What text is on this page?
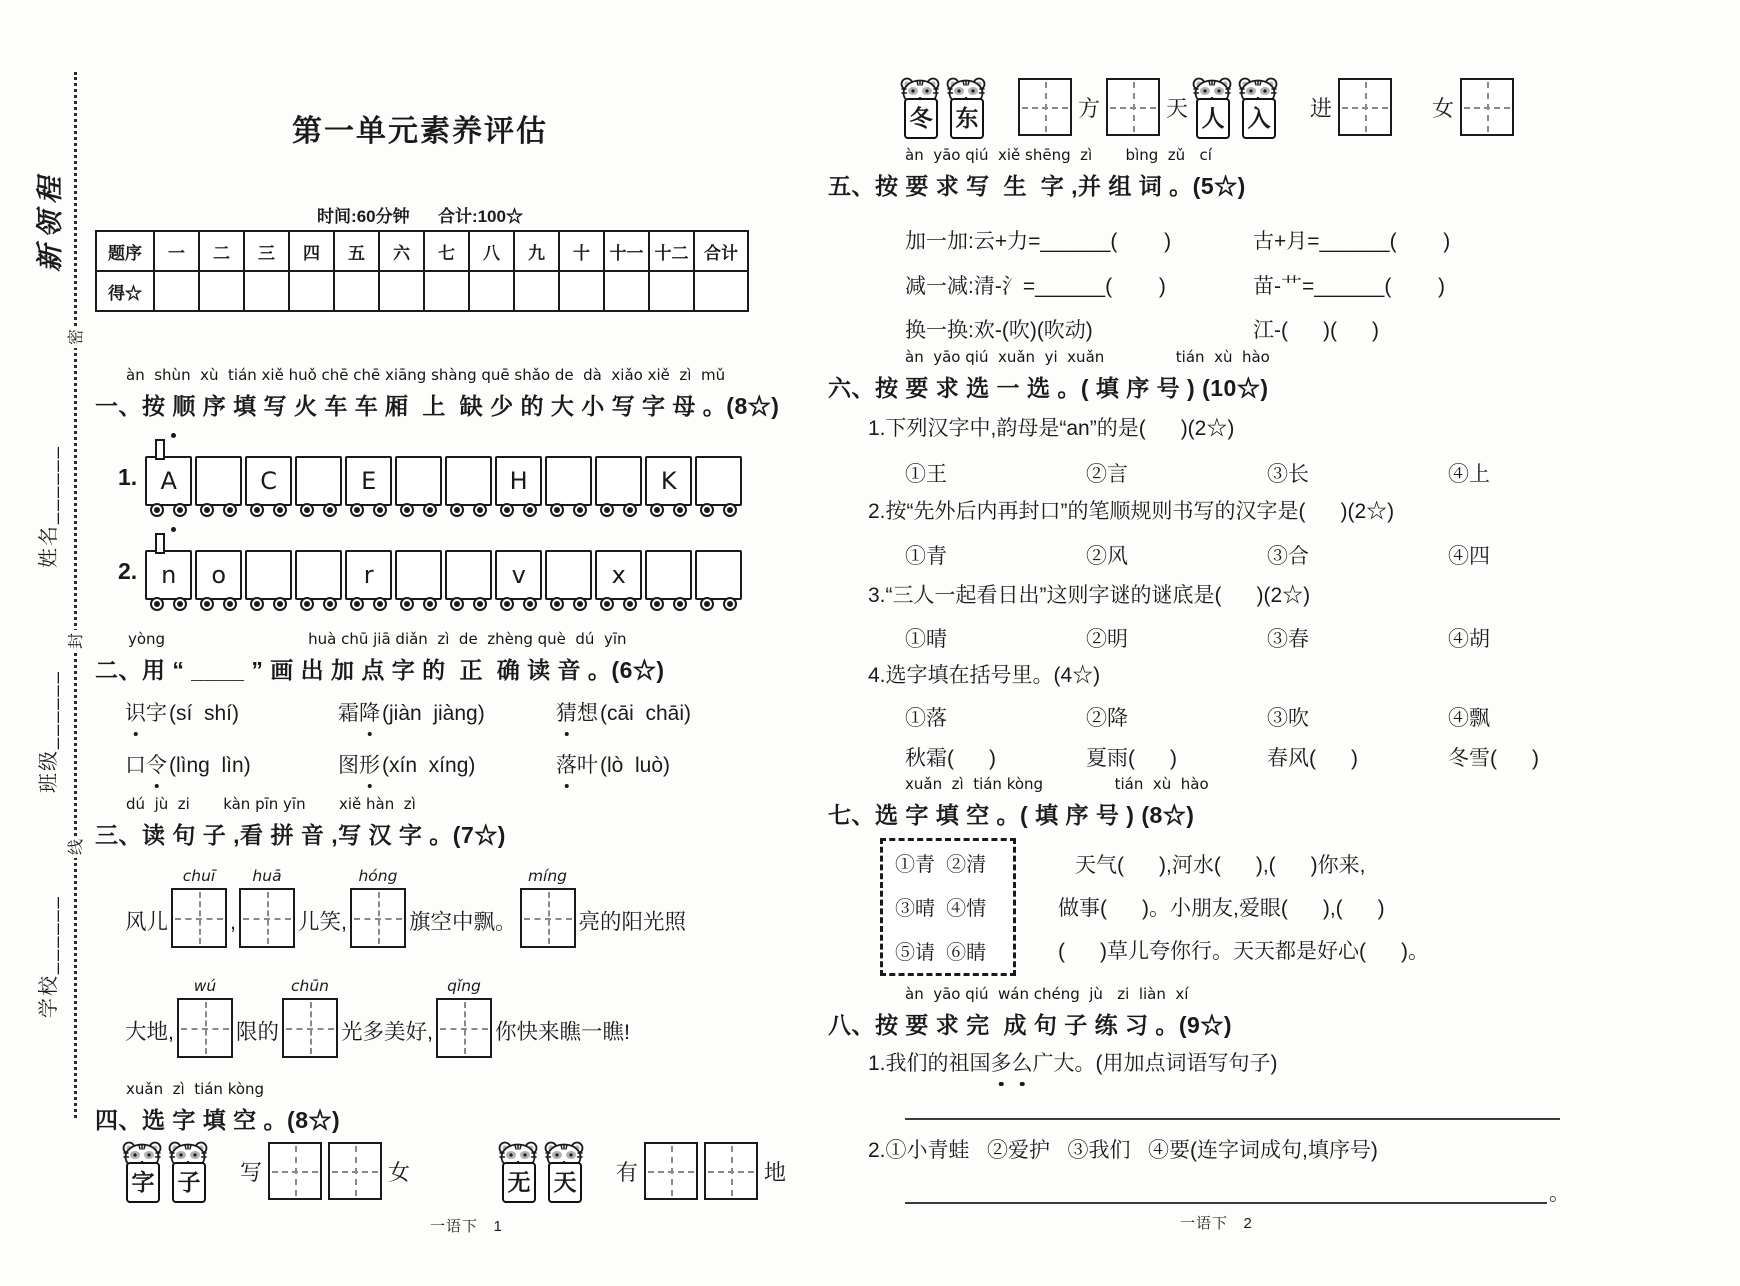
新领程
密
封
线
姓名______
班级______
学校______
第一单元素养评估
时间:60分钟      合计:100☆
题序	一	二	三	四	五	六	七	八	九	十	十一	十二	合计
得☆													
àn  shùn  xù  tián xiě huǒ chē chē xiāng shàng quē shǎo de  dà  xiǎo xiě  zì  mǔ
一、按 顺 序 填 写 火 车 车 厢  上  缺 少 的 大 小 写 字 母 。(8☆)
1. A	C	E	H	K
2. n o	r	v	x
yòng                              huà chū jiā diǎn  zì  de  zhèng què  dú  yīn
二、用 “ ____ ” 画 出 加 点 字 的  正  确 读 音 。(6☆)
识字(sí  shí)	霜降(jiàn  jiàng)	猜想(cāi  chāi)
口令(lìng  lìn)	图形(xín  xíng)	落叶(lò  luò)
dú  jù  zi       kàn pīn yīn       xiě hàn  zì
三、读 句 子 ,看 拼 音 ,写 汉 字 。(7☆)
风儿
chuī
,
huā
儿笑,
hóng
旗空中飘。
míng
亮的阳光照
大地,
wú
限的
chūn
光多美好,
qǐng
你快来瞧一瞧!
xuǎn  zì  tián kòng
四、选 字 填 空 。(8☆)
字 子 写	女	无 天 有	地
一语下   1
冬 东	方	天 人 入 进	女
àn  yāo qiú  xiě shēng  zì       bìng  zǔ   cí
五、按 要 求 写  生  字 ,并 组 词 。(5☆)
加一加:云+力=______(        )	古+月=______(        )
减一减:清-氵=______(        )	苗-艹=______(        )
换一换:欢-(吹)(吹动)	江-(      )(      )
àn  yāo qiú  xuǎn  yi  xuǎn               tián  xù  hào
六、按 要 求 选 一 选 。( 填 序 号 ) (10☆)
1.下列汉字中,韵母是“an”的是(      )(2☆)
①王	②言	③长	④上
2.按“先外后内再封口”的笔顺规则书写的汉字是(      )(2☆)
①青	②风	③合	④四
3.“三人一起看日出”这则字谜的谜底是(      )(2☆)
①晴	②明	③春	④胡
4.选字填在括号里。(4☆)
①落	②降	③吹	④飘
秋霜(      )	夏雨(      )	春风(      )	冬雪(      )
xuǎn  zì  tián kòng               tián  xù  hào
七、选 字 填 空 。( 填 序 号 ) (8☆)
①青  ②清
③晴  ④情
⑤请  ⑥睛
天气(      ),河水(      ),(      )你来,
做事(      )。小朋友,爱眼(      ),(      )
(      )草儿夸你行。天天都是好心(      )。
àn  yāo qiú  wán chéng  jù   zi  liàn  xí
八、按 要 求 完  成 句 子 练 习 。(9☆)
1.我们的祖国多么广大。(用加点词语写句子)
2.①小青蛙   ②爱护   ③我们   ④要(连字词成句,填序号)
。
一语下   2
